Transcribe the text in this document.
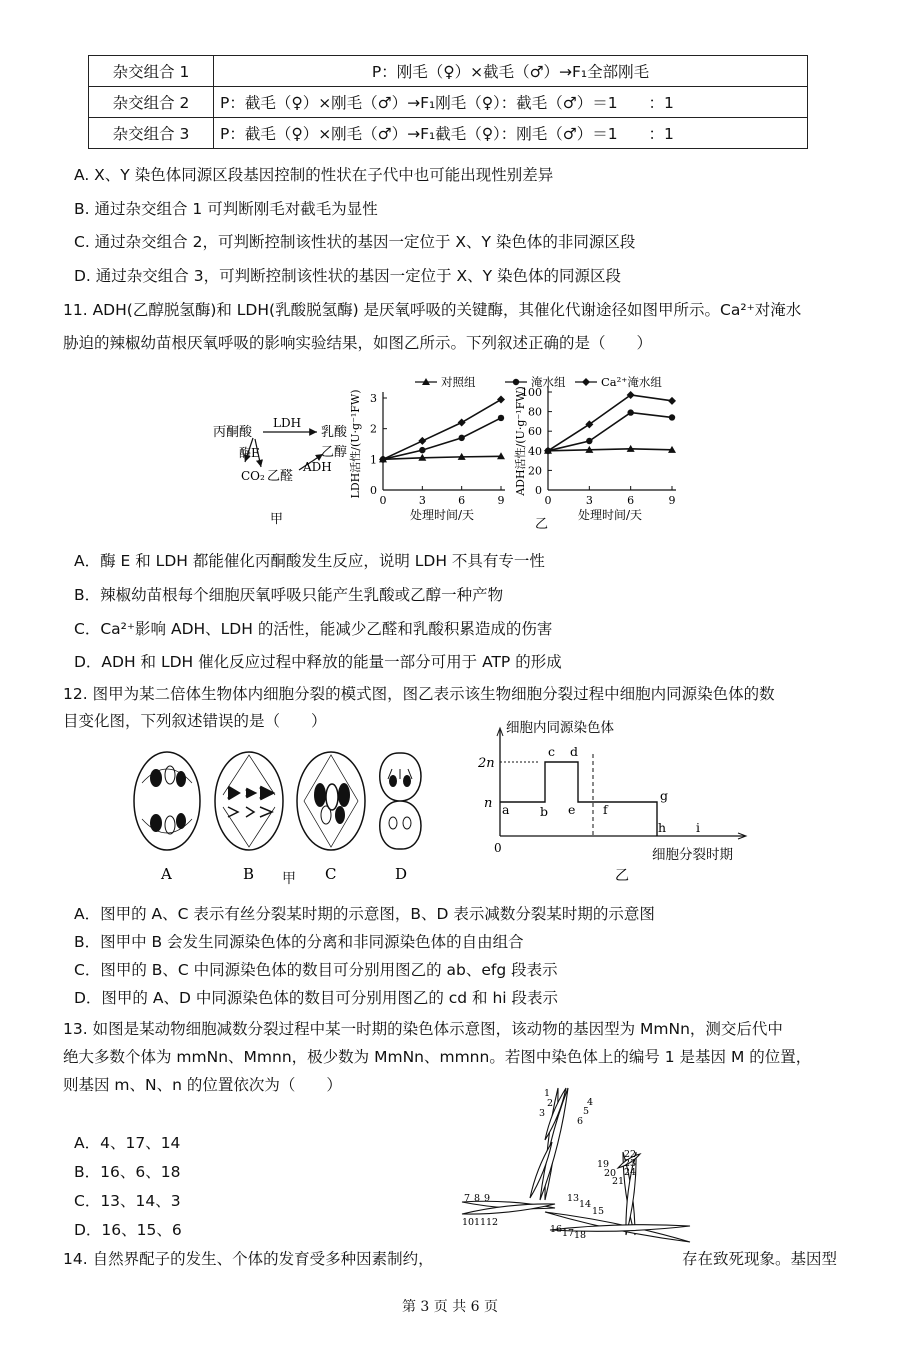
杂交组合 1	P：刚毛（♀）×截毛（♂）→F₁全部刚毛
杂交组合 2	P：截毛（♀）×刚毛（♂）→F₁刚毛（♀）：截毛（♂）＝1　　：1
杂交组合 3	P：截毛（♀）×刚毛（♂）→F₁截毛（♀）：刚毛（♂）＝1　　：1
A. X、Y 染色体同源区段基因控制的性状在子代中也可能出现性别差异
B. 通过杂交组合 1 可判断刚毛对截毛为显性
C. 通过杂交组合 2，可判断控制该性状的基因一定位于 X、Y 染色体的非同源区段
D. 通过杂交组合 3，可判断控制该性状的基因一定位于 X、Y 染色体的同源区段
11. ADH(乙醇脱氢酶)和 LDH(乳酸脱氢酶) 是厌氧呼吸的关键酶，其催化代谢途径如图甲所示。Ca²⁺对淹水
胁迫的辣椒幼苗根厌氧呼吸的影响实验结果，如图乙所示。下列叙述正确的是（　　）
丙酮酸
LDH
乳酸
乙醇
酶E
CO₂ 乙醛
ADH
甲
对照组	淹水组	Ca²⁺淹水组
0
1
2
3
0	3	6	9
处理时间/天
LDH活性/(U·g⁻¹FW)	0
20
40
60
80
100
0	3	6	9
处理时间/天
ADH活性/(U·g⁻¹FW)
乙
A．酶 E 和 LDH 都能催化丙酮酸发生反应，说明 LDH 不具有专一性
B．辣椒幼苗根每个细胞厌氧呼吸只能产生乳酸或乙醇一种产物
C．Ca²⁺影响 ADH、LDH 的活性，能减少乙醛和乳酸积累造成的伤害
D．ADH 和 LDH 催化反应过程中释放的能量一部分可用于 ATP 的形成
12. 图甲为某二倍体生物体内细胞分裂的模式图，图乙表示该生物细胞分裂过程中细胞内同源染色体的数
目变化图，下列叙述错误的是（　　）
A	B	C	D
甲
细胞内同源染色体
细胞分裂时期
2n
n
0
a b
c d
e f
g
h i
乙
A．图甲的 A、C 表示有丝分裂某时期的示意图，B、D 表示减数分裂某时期的示意图
B．图甲中 B 会发生同源染色体的分离和非同源染色体的自由组合
C．图甲的 B、C 中同源染色体的数目可分别用图乙的 ab、efg 段表示
D．图甲的 A、D 中同源染色体的数目可分别用图乙的 cd 和 hi 段表示
13. 如图是某动物细胞减数分裂过程中某一时期的染色体示意图，该动物的基因型为 MmNn，测交后代中
绝大多数个体为 mmNn、Mmnn，极少数为 MmNn、mmnn。若图中染色体上的编号 1 是基因 M 的位置，
则基因 m、N、n 的位置依次为（　　）
A．4、17、14
B．16、6、18
C．13、14、3
D．16、15、6
1
2
3
4
5
6
7 8 9
10 11 12
13
14
15
16 17 18
19
20
21
22
23
24
14. 自然界配子的发生、个体的发育受多种因素制约，	存在致死现象。基因型
第 3 页 共 6 页
